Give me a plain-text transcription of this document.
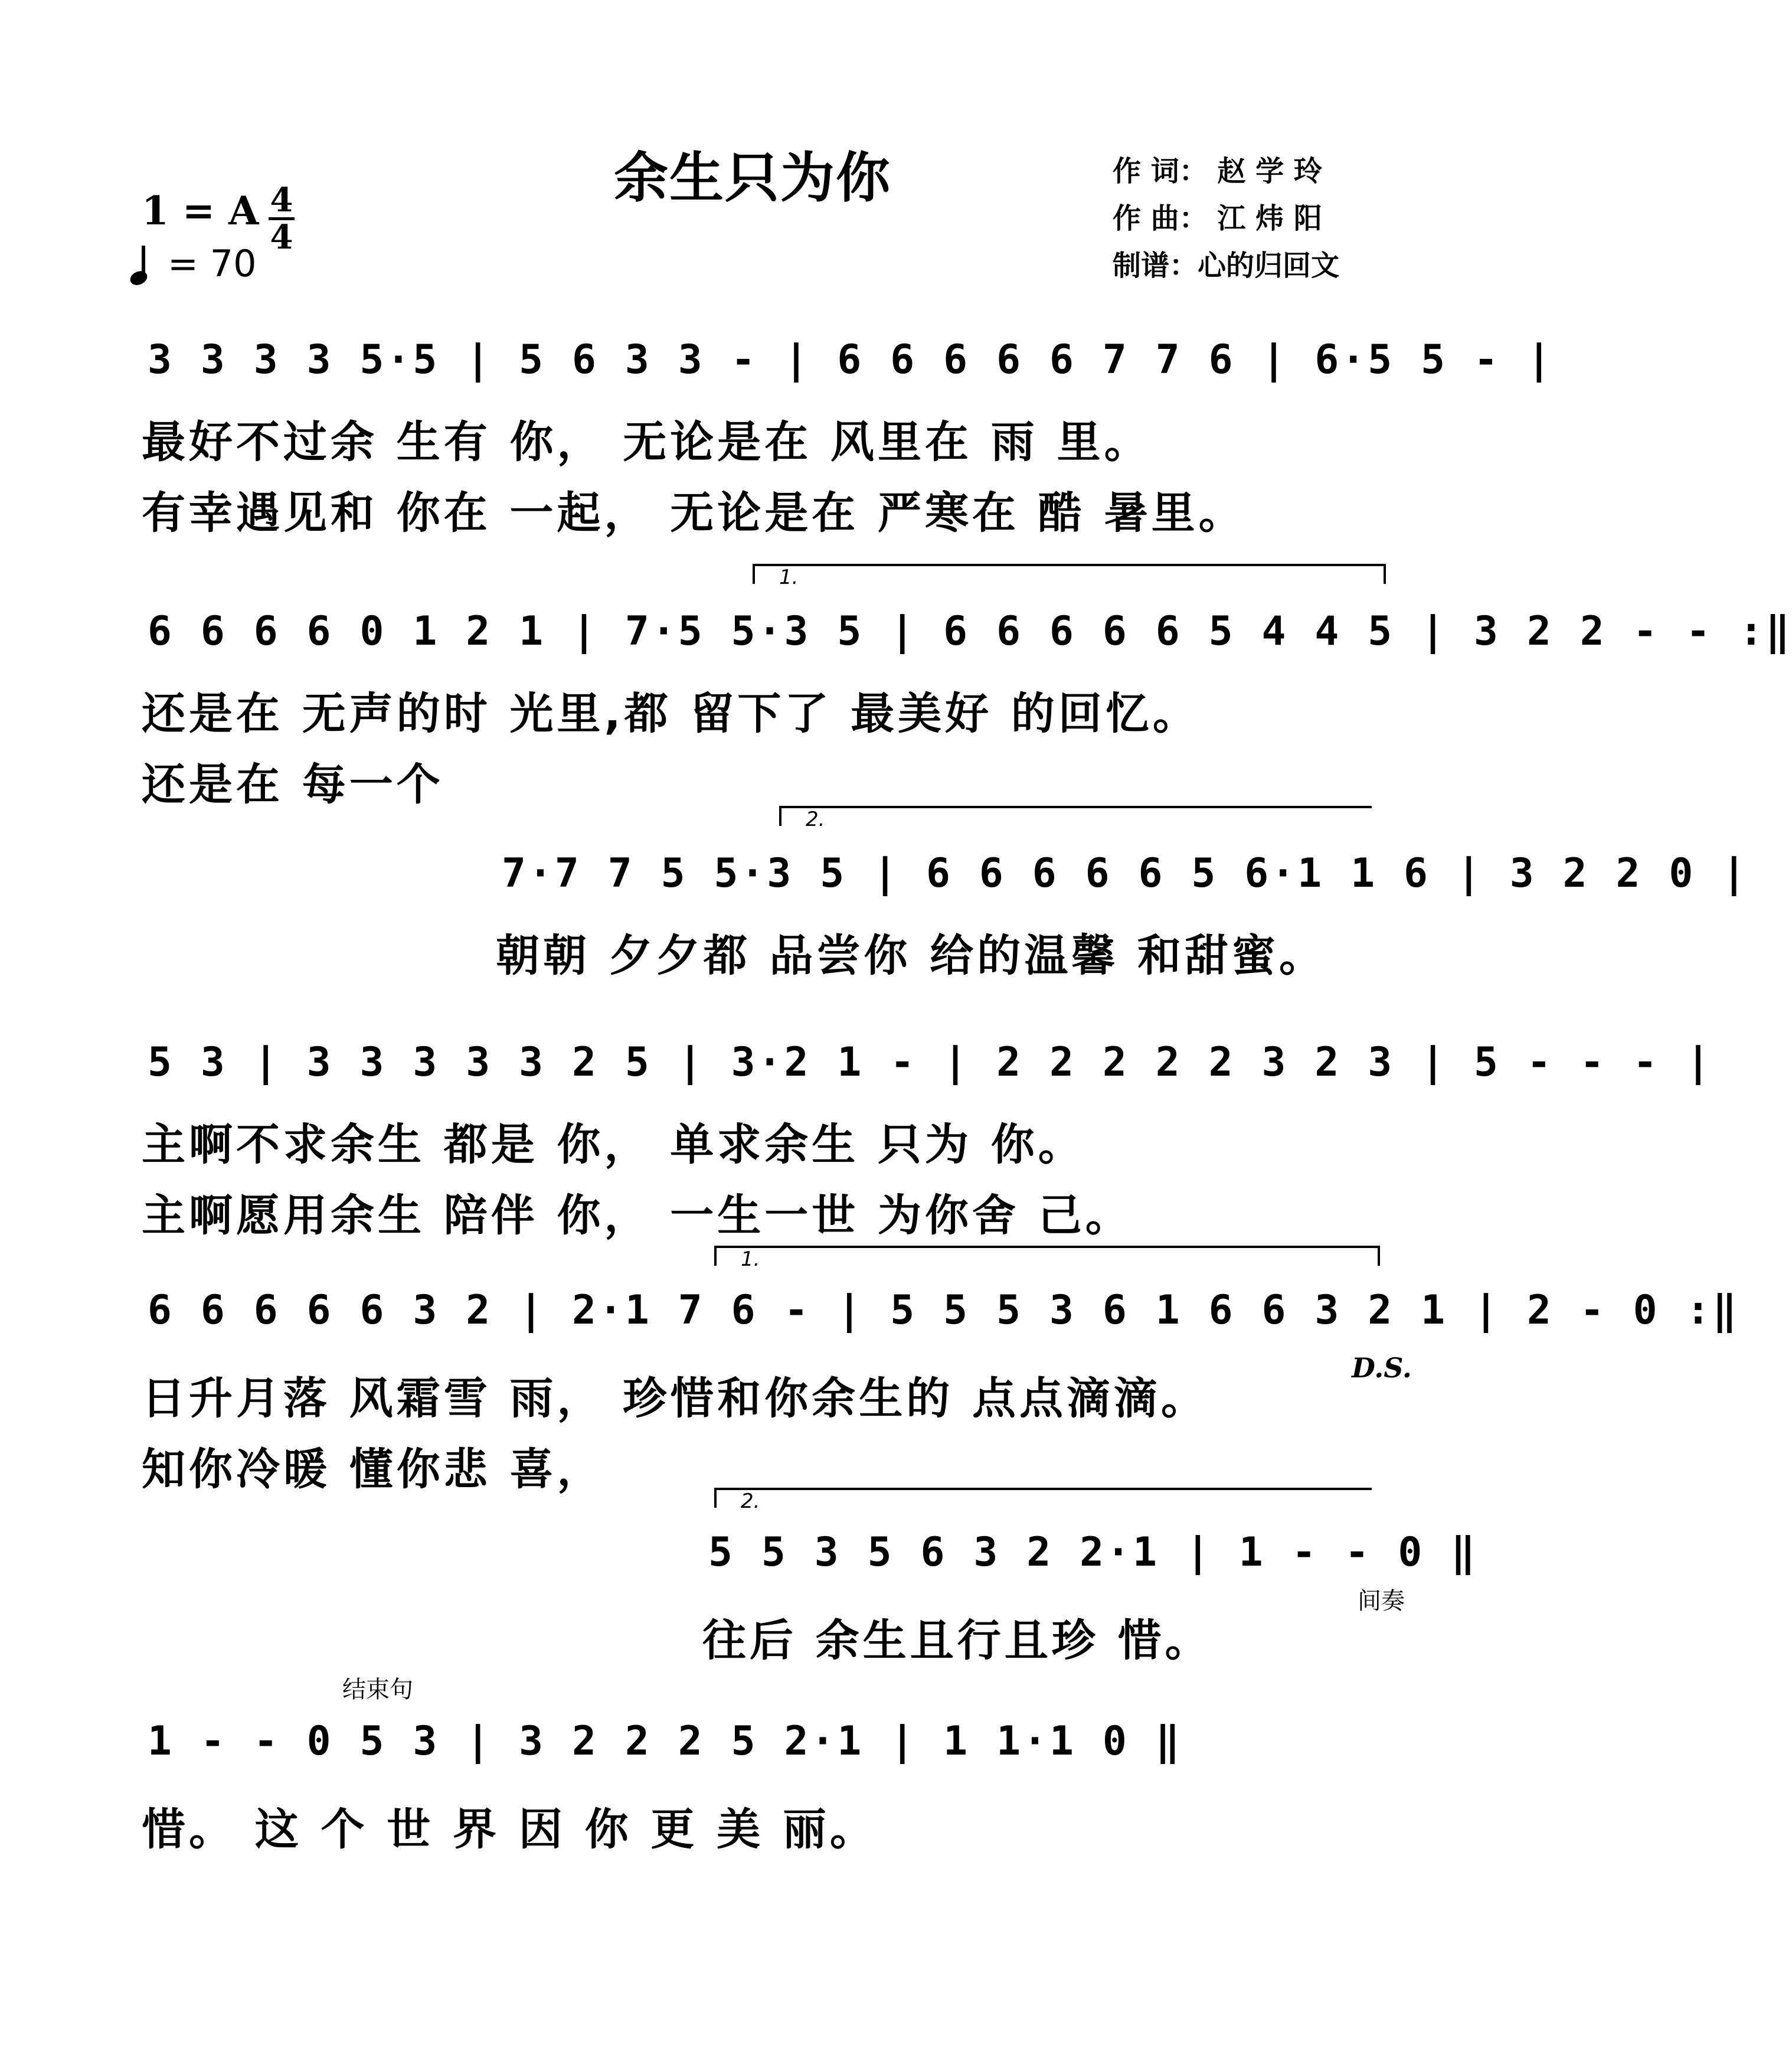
余生只为你	作 词： 赵 学 玲
作 曲： 江 炜 阳
制谱：心的归回文
1 = A 4
4
= 70
3 3 3 3 5·5 | 5 6 3 3 - | 6 6 6 6 6 7 7 6 | 6·5 5 - |
最好不过余 生有 你， 无论是在 风里在 雨 里。
有幸遇见和 你在 一起， 无论是在 严寒在 酷 暑里。
1.
6 6 6 6 0 1 2 1 | 7·5 5·3 5 | 6 6 6 6 6 5 4 4 5 | 3 2 2 - - :‖
还是在 无声的时 光里,都 留下了 最美好 的回忆。
还是在 每一个
2.
7·7 7 5 5·3 5 | 6 6 6 6 6 5 6·1 1 6 | 3 2 2 0 |
朝朝 夕夕都 品尝你 给的温馨 和甜蜜。
5 3 | 3 3 3 3 3 2 5 | 3·2 1 - | 2 2 2 2 2 3 2 3 | 5 - - - |
主啊不求余生 都是 你， 单求余生 只为 你。
主啊愿用余生 陪伴 你， 一生一世 为你舍 己。
1.
6 6 6 6 6 3 2 | 2·1 7 6 - | 5 5 5 3 6 1 6 6 3 2 1 | 2 - 0 :‖
D.S.
日升月落 风霜雪 雨， 珍惜和你余生的 点点滴滴。
知你冷暖 懂你悲 喜，
2.
5 5 3 5 6 3 2 2·1 | 1 - - 0 ‖
间奏
往后 余生且行且珍 惜。
结束句
1 - - 0 5 3 | 3 2 2 2 5 2·1 | 1 1·1 0 ‖
惜。 这 个 世 界 因 你 更 美 丽。
